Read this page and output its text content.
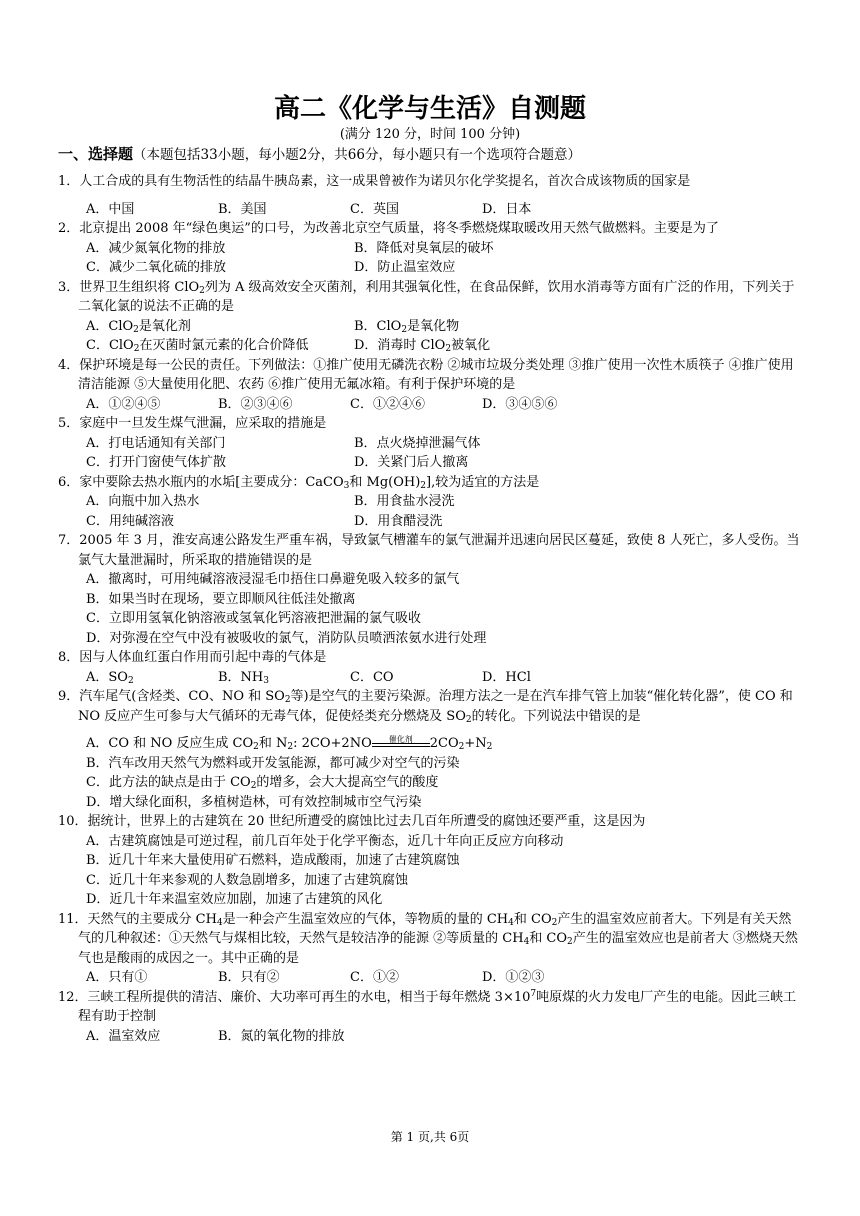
高二《化学与生活》自测题
(满分 120 分，时间 100 分钟)
一、选择题（本题包括33小题，每小题2分，共66分，每小题只有一个选项符合题意）
1．人工合成的具有生物活性的结晶牛胰岛素，这一成果曾被作为诺贝尔化学奖提名，首次合成该物质的国家是
A．中国	B．美国	C．英国	D．日本
2．北京提出 2008 年“绿色奥运”的口号，为改善北京空气质量，将冬季燃烧煤取暖改用天然气做燃料。主要是为了
A．减少氮氧化物的排放	B．降低对臭氧层的破坏
C．减少二氧化硫的排放	D．防止温室效应
3．世界卫生组织将 ClO$_2$列为 A 级高效安全灭菌剂，利用其强氧化性，在食品保鲜，饮用水消毒等方面有广泛的作用，下列关于二氧化氯的说法不正确的是
A．ClO$_2$是氧化剂	B．ClO$_2$是氧化物
C．ClO$_2$在灭菌时氯元素的化合价降低	D．消毒时 ClO$_2$被氧化
4．保护环境是每一公民的责任。下列做法：①推广使用无磷洗衣粉 ②城市垃圾分类处理 ③推广使用一次性木质筷子 ④推广使用清洁能源 ⑤大量使用化肥、农药 ⑥推广使用无氟冰箱。有利于保护环境的是
A．①②④⑤	B．②③④⑥	C．①②④⑥	D．③④⑤⑥
5．家庭中一旦发生煤气泄漏，应采取的措施是
A．打电话通知有关部门	B．点火烧掉泄漏气体
C．打开门窗使气体扩散	D．关紧门后人撤离
6．家中要除去热水瓶内的水垢[主要成分：CaCO$_3$和 $Mg(OH)_2$],较为适宜的方法是
A．向瓶中加入热水	B．用食盐水浸洗
C．用纯碱溶液	D．用食醋浸洗
7．2005 年 3 月，淮安高速公路发生严重车祸，导致氯气槽灌车的氯气泄漏并迅速向居民区蔓延，致使 8 人死亡，多人受伤。当氯气大量泄漏时，所采取的措施错误的是
A．撤离时，可用纯碱溶液浸湿毛巾捂住口鼻避免吸入较多的氯气
B．如果当时在现场，要立即顺风往低洼处撤离
C．立即用氢氧化钠溶液或氢氧化钙溶液把泄漏的氯气吸收
D．对弥漫在空气中没有被吸收的氯气，消防队员喷洒浓氨水进行处理
8．因与人体血红蛋白作用而引起中毒的气体是
A．$SO_2$	B．$NH_3$	C．CO	D．HCl
9．汽车尾气(含烃类、CO、NO 和 $SO_2$等)是空气的主要污染源。治理方法之一是在汽车排气管上加装“催化转化器”，使 CO 和 NO 反应产生可参与大气循环的无毒气体，促使烃类充分燃烧及 $SO_2$的转化。下列说法中错误的是
A．CO 和 NO 反应生成 $CO_2$和 $N_2$: 2CO+2NO	催化剂	$2CO_2+N_2$
B．汽车改用天然气为燃料或开发氢能源，都可减少对空气的污染
C．此方法的缺点是由于 $CO_2$的增多，会大大提高空气的酸度
D．增大绿化面积，多植树造林，可有效控制城市空气污染
10．据统计，世界上的古建筑在 20 世纪所遭受的腐蚀比过去几百年所遭受的腐蚀还要严重，这是因为
A．古建筑腐蚀是可逆过程，前几百年处于化学平衡态，近几十年向正反应方向移动
B．近几十年来大量使用矿石燃料，造成酸雨，加速了古建筑腐蚀
C．近几十年来参观的人数急剧增多，加速了古建筑腐蚀
D．近几十年来温室效应加剧，加速了古建筑的风化
11．天然气的主要成分 $CH_4$是一种会产生温室效应的气体，等物质的量的 $CH_4$和 $CO_2$产生的温室效应前者大。下列是有关天然气的几种叙述：①天然气与煤相比较，天然气是较洁净的能源 ②等质量的 $CH_4$和 $CO_2$产生的温室效应也是前者大 ③燃烧天然气也是酸雨的成因之一。其中正确的是
A．只有①	B．只有②	C．①②	D．①②③
12．三峡工程所提供的清洁、廉价、大功率可再生的水电，相当于每年燃烧 $3\times 10^7$吨原煤的火力发电厂产生的电能。因此三峡工程有助于控制
A．温室效应	B．氮的氧化物的排放
第 1 页,共 6页
